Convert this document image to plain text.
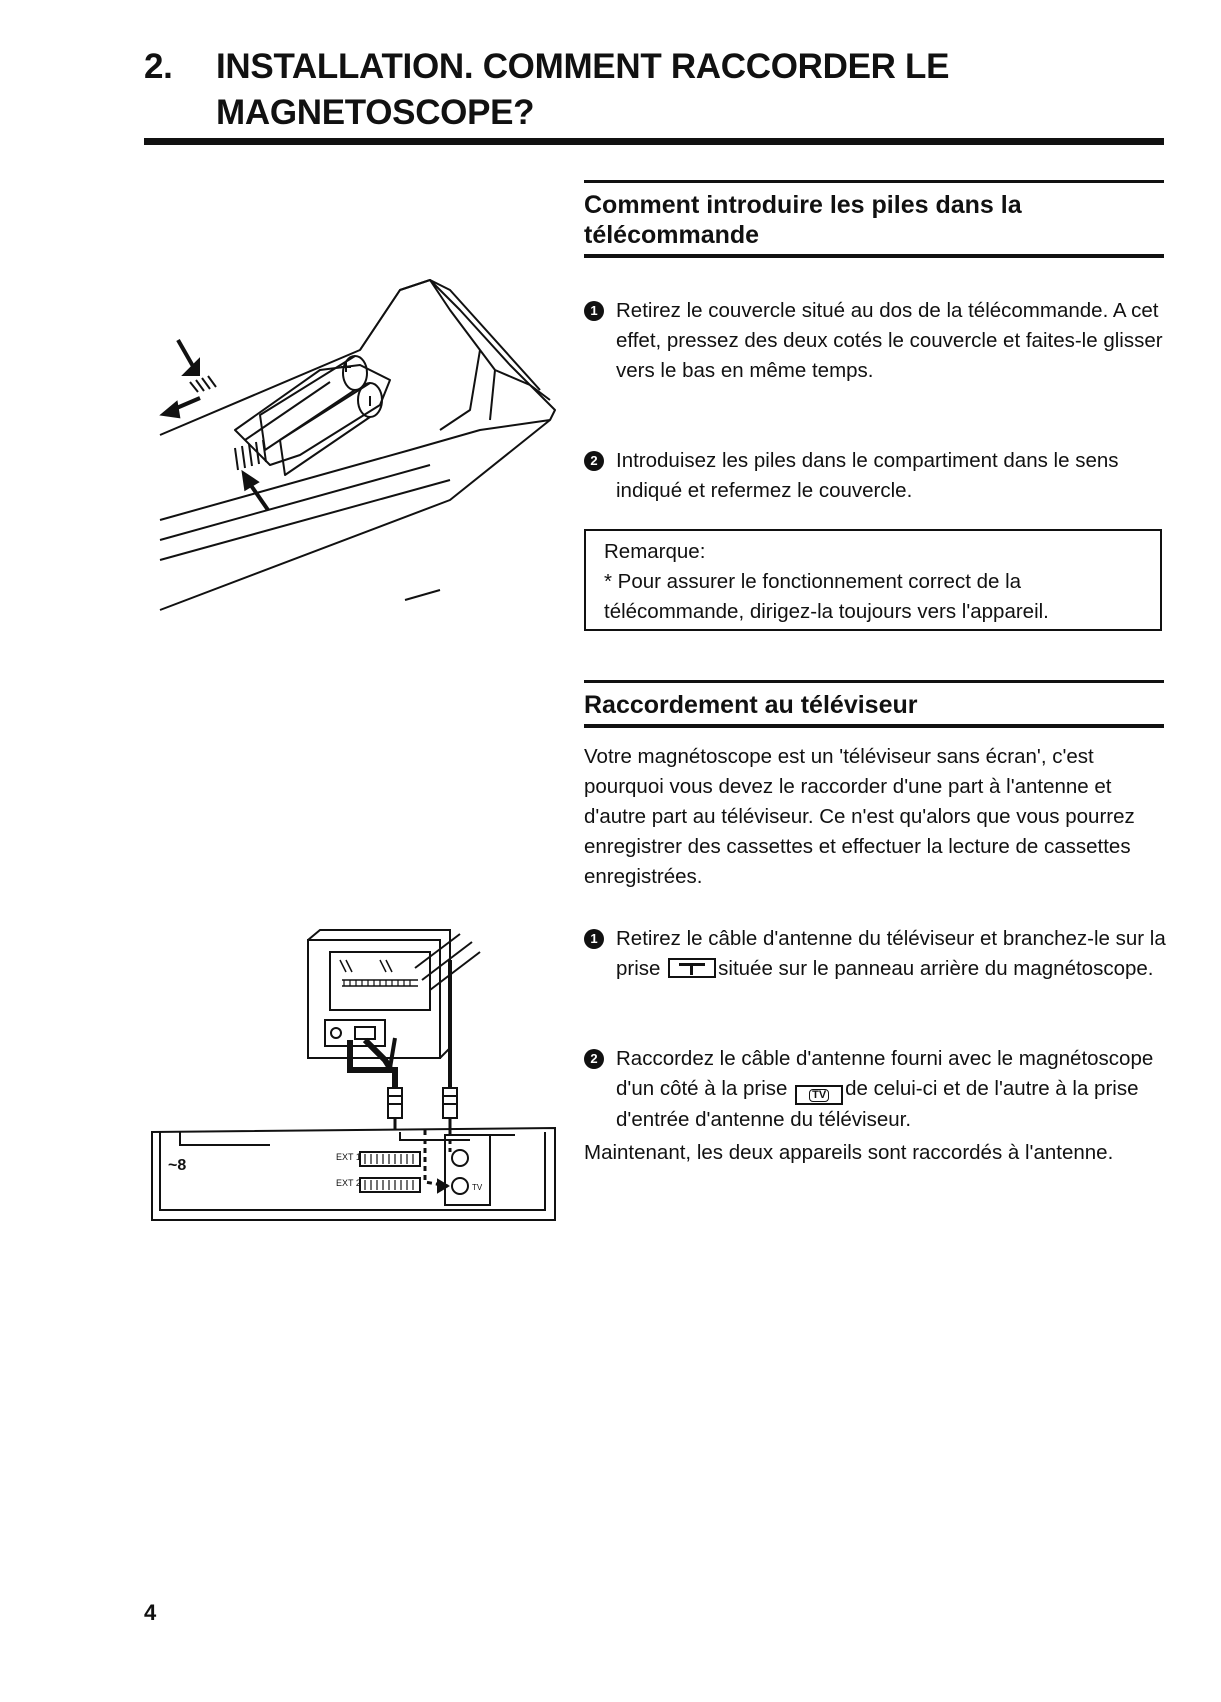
2. INSTALLATION. COMMENT RACCORDER LE MAGNETOSCOPE?
Comment introduire les piles dans la télécommande
1 Retirez le couvercle situé au dos de la télécommande. A cet effet, pressez des deux cotés le couvercle et faites-le glisser vers le bas en même temps.
2 Introduisez les piles dans le compartiment dans le sens indiqué et refermez le couvercle.
Remarque:
* Pour assurer le fonctionnement correct de la télécommande, dirigez-la toujours vers l'appareil.
Raccordement au téléviseur
Votre magnétoscope est un 'téléviseur sans écran', c'est pourquoi vous devez le raccorder d'une part à l'antenne et d'autre part au téléviseur. Ce n'est qu'alors que vous pourrez enregistrer des cassettes et effectuer la lecture de cassettes enregistrées.
1 Retirez le câble d'antenne du téléviseur et branchez-le sur la prise	située sur le panneau arrière du magnétoscope.
2 Raccordez le câble d'antenne fourni avec le magnétoscope d'un côté à la prise TV de celui-ci et de l'autre à la prise d'entrée d'antenne du téléviseur.
Maintenant, les deux appareils sont raccordés à l'antenne.
~8	EXT 1
EXT 2	TV
4
